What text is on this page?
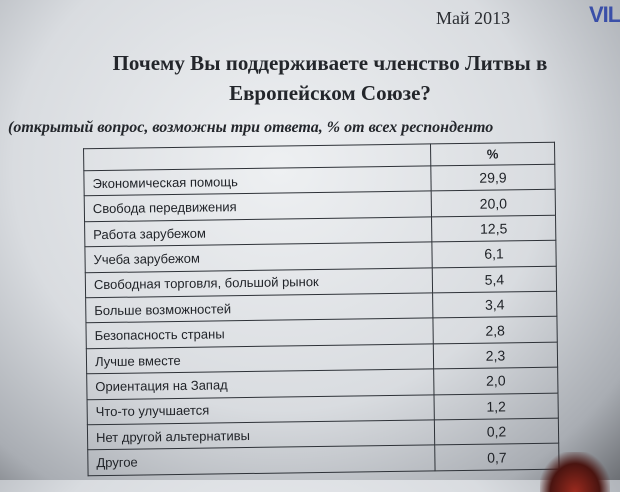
Май 2013	VIL
Почему Вы поддерживаете членство Литвы в
Европейском Союзе?
(открытый вопрос, возможны три ответа, % от всех респонденто
	%
Экономическая помощь	29,9
Свобода передвижения	20,0
Работа зарубежом	12,5
Учеба зарубежом	6,1
Свободная торговля, большой рынок	5,4
Больше возможностей	3,4
Безопасность страны	2,8
Лучше вместе	2,3
Ориентация на Запад	2,0
Что-то улучшается	1,2
Нет другой альтернативы	0,2
Другое	0,7
